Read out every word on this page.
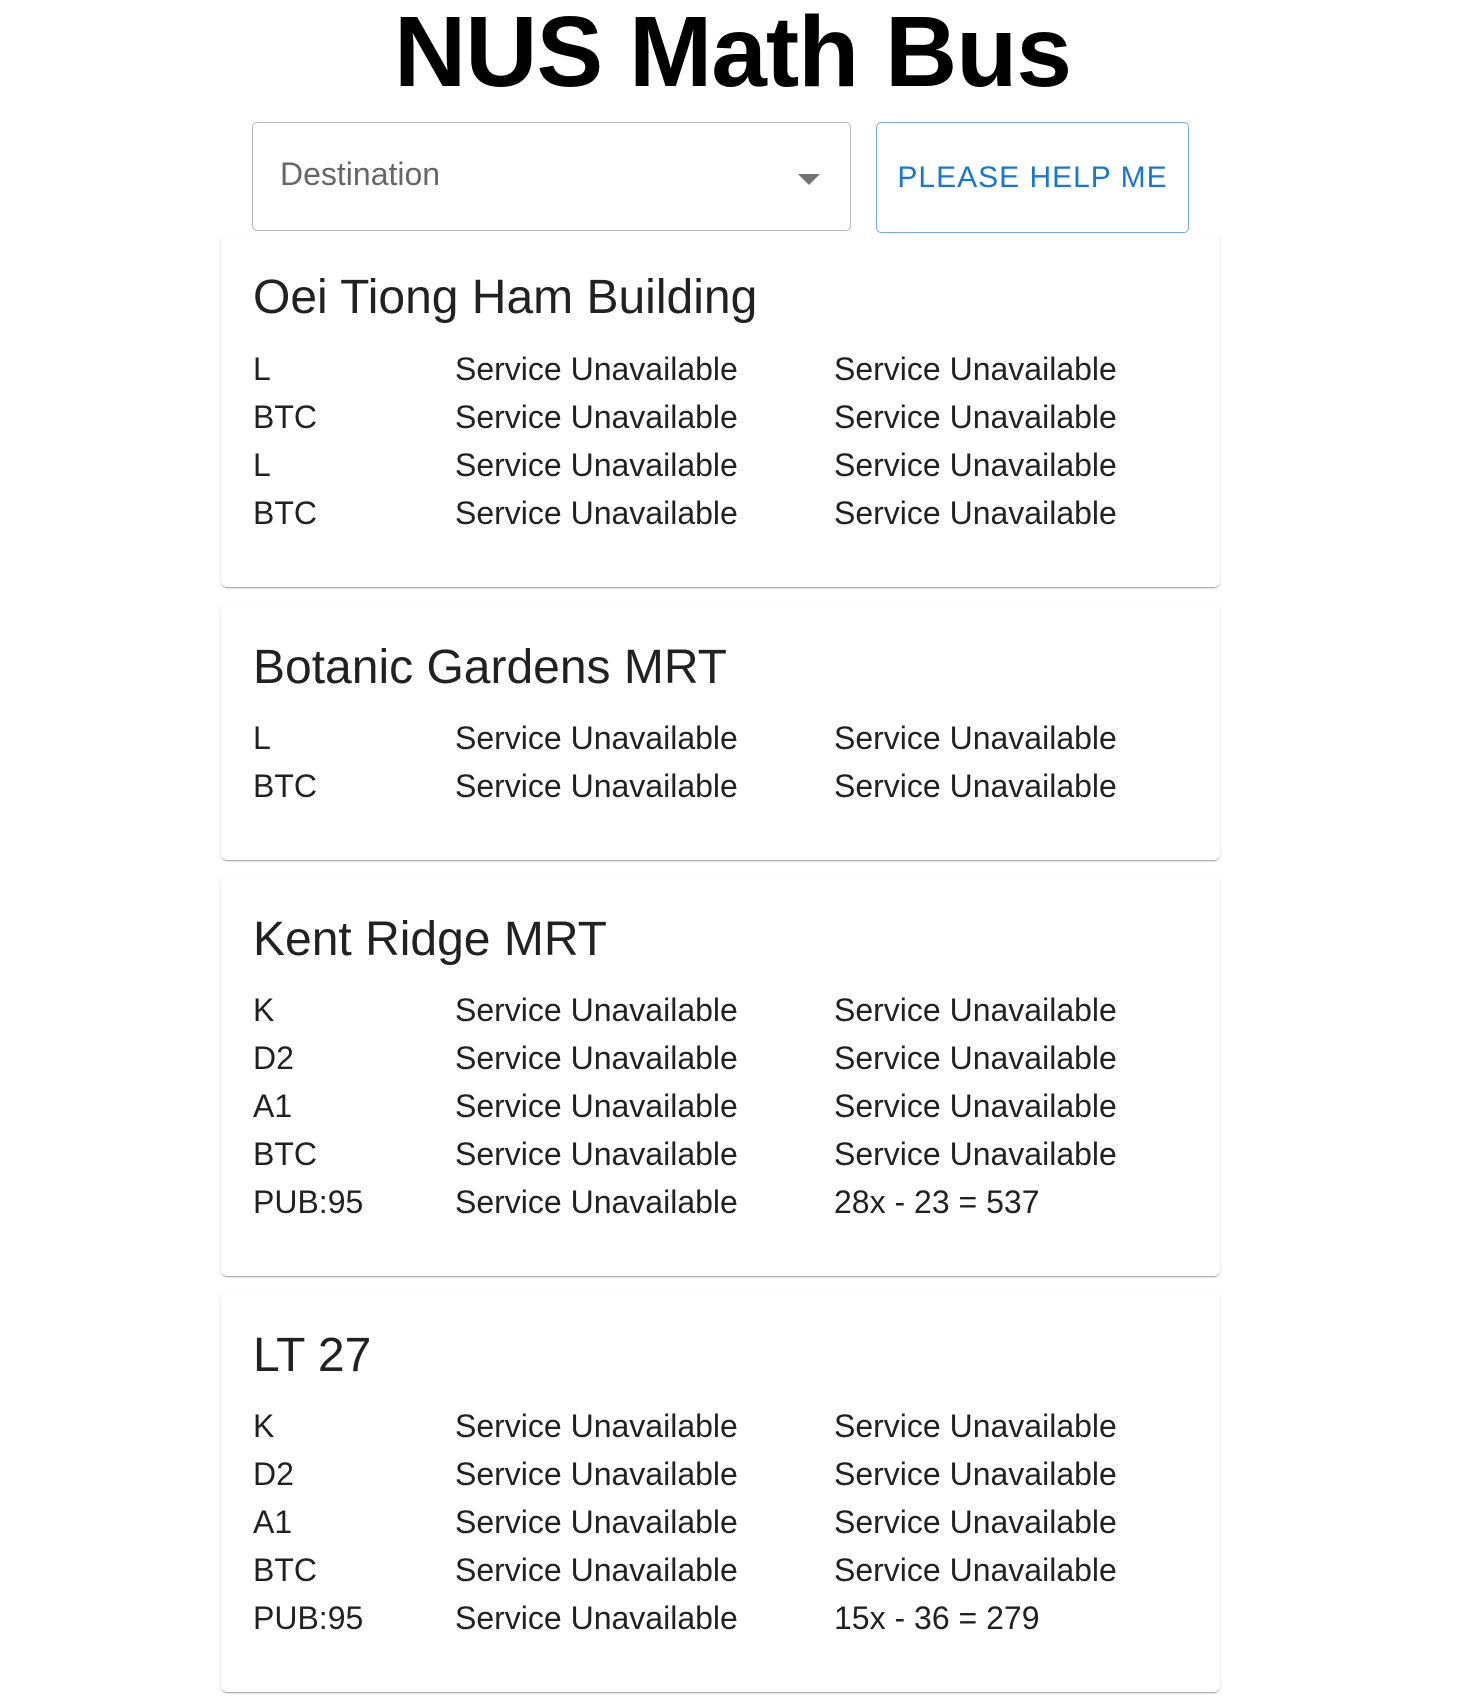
NUS Math Bus
Destination	PLEASE HELP ME
Oei Tiong Ham Building
L	Service Unavailable	Service Unavailable
BTC	Service Unavailable	Service Unavailable
L	Service Unavailable	Service Unavailable
BTC	Service Unavailable	Service Unavailable
Botanic Gardens MRT
L	Service Unavailable	Service Unavailable
BTC	Service Unavailable	Service Unavailable
Kent Ridge MRT
K	Service Unavailable	Service Unavailable
D2	Service Unavailable	Service Unavailable
A1	Service Unavailable	Service Unavailable
BTC	Service Unavailable	Service Unavailable
PUB:95	Service Unavailable	28x - 23 = 537
LT 27
K	Service Unavailable	Service Unavailable
D2	Service Unavailable	Service Unavailable
A1	Service Unavailable	Service Unavailable
BTC	Service Unavailable	Service Unavailable
PUB:95	Service Unavailable	15x - 36 = 279
